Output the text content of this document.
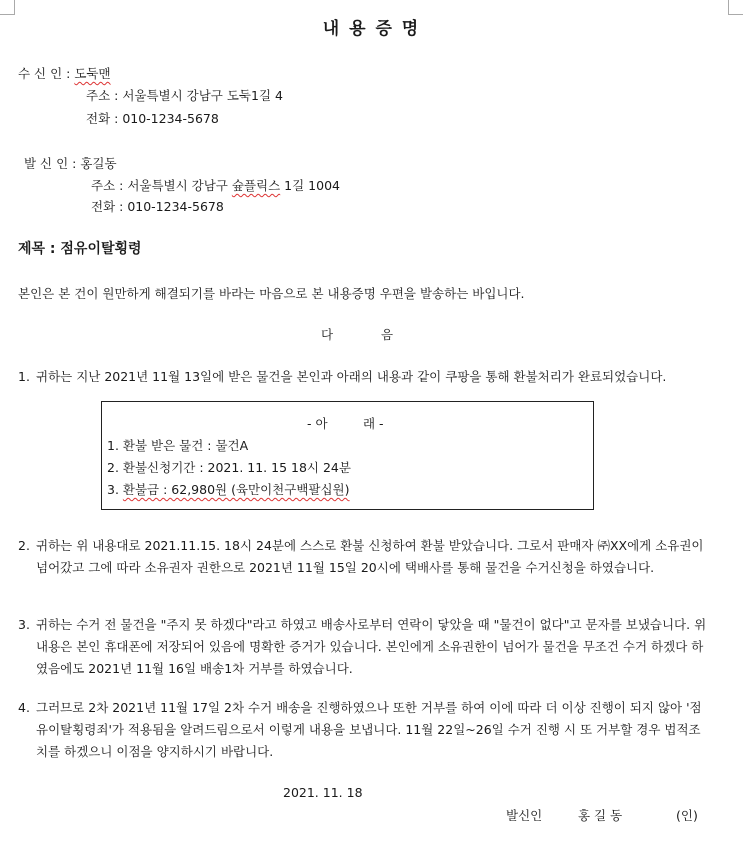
내 용 증 명
수 신 인 : 도둑맨
주소 : 서울특별시 강남구 도둑1길 4
전화 : 010-1234-5678
발 신 인 : 홍길동
주소 : 서울특별시 강남구 슢플릭스 1길 1004
전화 : 010-1234-5678
제목 : 점유이탈횡령
본인은 본 건이 원만하게 해결되기를 바라는 마음으로 본 내용증명 우편을 발송하는 바입니다.
다	음
1. 귀하는 지난 2021년 11월 13일에 받은 물건을 본인과 아래의 내용과 같이 쿠팡을 통해 환불처리가 완료되었습니다.
- 아	래 -
1. 환불 받은 물건 : 물건A
2. 환불신청기간 : 2021. 11. 15 18시 24분
3. 환불금 : 62,980원 (육만이천구백팔십원)
2. 귀하는 위 내용대로 2021.11.15. 18시 24분에 스스로 환불 신청하여 환불 받았습니다. 그로서 판매자 ㈜XX에게 소유권이 넘어갔고 그에 따라 소유권자 권한으로 2021년 11월 15일 20시에 택배사를 통해 물건을 수거신청을 하였습니다.
3. 귀하는 수거 전 물건을 "주지 못 하겠다"라고 하였고 배송사로부터 연락이 닿았을 때 "물건이 없다"고 문자를 보냈습니다. 위 내용은 본인 휴대폰에 저장되어 있음에 명확한 증거가 있습니다. 본인에게 소유권한이 넘어가 물건을 무조건 수거 하겠다 하였음에도 2021년 11월 16일 배송1차 거부를 하였습니다.
4. 그러므로 2차 2021년 11월 17일 2차 수거 배송을 진행하였으나 또한 거부를 하여 이에 따라 더 이상 진행이 되지 않아 '점유이탈횡령죄'가 적용됨을 알려드림으로서 이렇게 내용을 보냅니다. 11월 22일~26일 수거 진행 시 또 거부할 경우 법적조치를 하겠으니 이점을 양지하시기 바랍니다.
2021. 11. 18
발신인	홍 길 동	(인)
